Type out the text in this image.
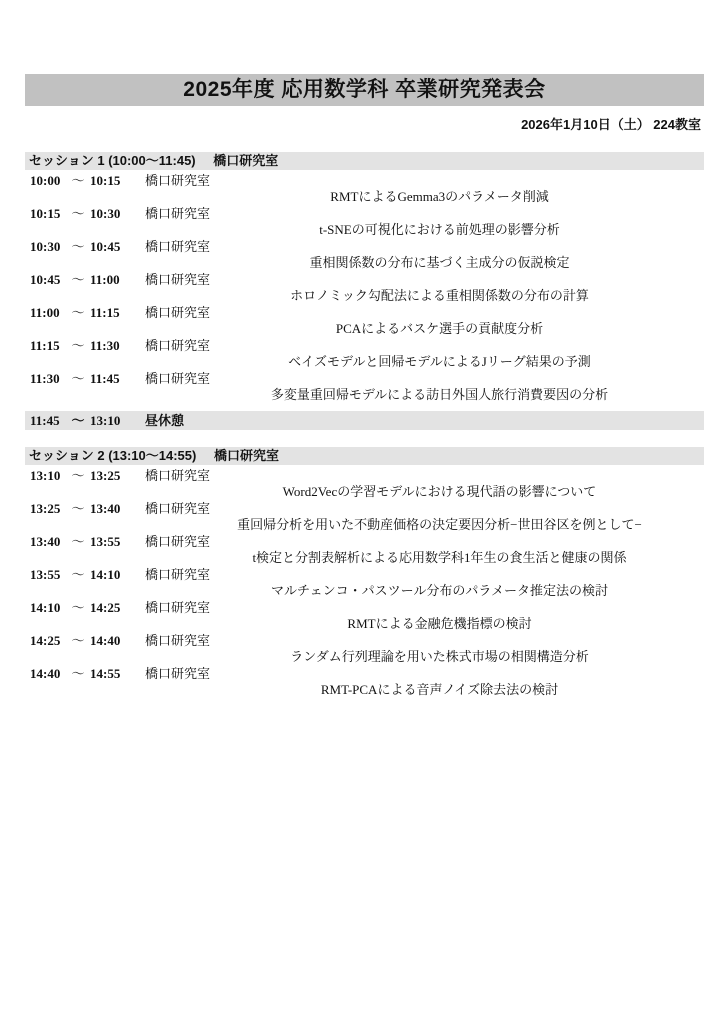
2025年度 応用数学科 卒業研究発表会
2026年1月10日（土） 224教室
セッション 1 (10:00～11:45) 橋口研究室
10:00 ～ 10:15 橋口研究室
RMTによるGemma3のパラメータ削減
10:15 ～ 10:30 橋口研究室
t-SNEの可視化における前処理の影響分析
10:30 ～ 10:45 橋口研究室
重相関係数の分布に基づく主成分の仮説検定
10:45 ～ 11:00 橋口研究室
ホロノミック勾配法による重相関係数の分布の計算
11:00 ～ 11:15 橋口研究室
PCAによるバスケ選手の貢献度分析
11:15 ～ 11:30 橋口研究室
ベイズモデルと回帰モデルによるJリーグ結果の予測
11:30 ～ 11:45 橋口研究室
多変量重回帰モデルによる訪日外国人旅行消費要因の分析
11:45 ～ 13:10 昼休憩
セッション 2 (13:10～14:55) 橋口研究室
13:10 ～ 13:25 橋口研究室
Word2Vecの学習モデルにおける現代語の影響について
13:25 ～ 13:40 橋口研究室
重回帰分析を用いた不動産価格の決定要因分析−世田谷区を例として−
13:40 ～ 13:55 橋口研究室
t検定と分割表解析による応用数学科1年生の食生活と健康の関係
13:55 ～ 14:10 橋口研究室
マルチェンコ・パスツール分布のパラメータ推定法の検討
14:10 ～ 14:25 橋口研究室
RMTによる金融危機指標の検討
14:25 ～ 14:40 橋口研究室
ランダム行列理論を用いた株式市場の相関構造分析
14:40 ～ 14:55 橋口研究室
RMT-PCAによる音声ノイズ除去法の検討
